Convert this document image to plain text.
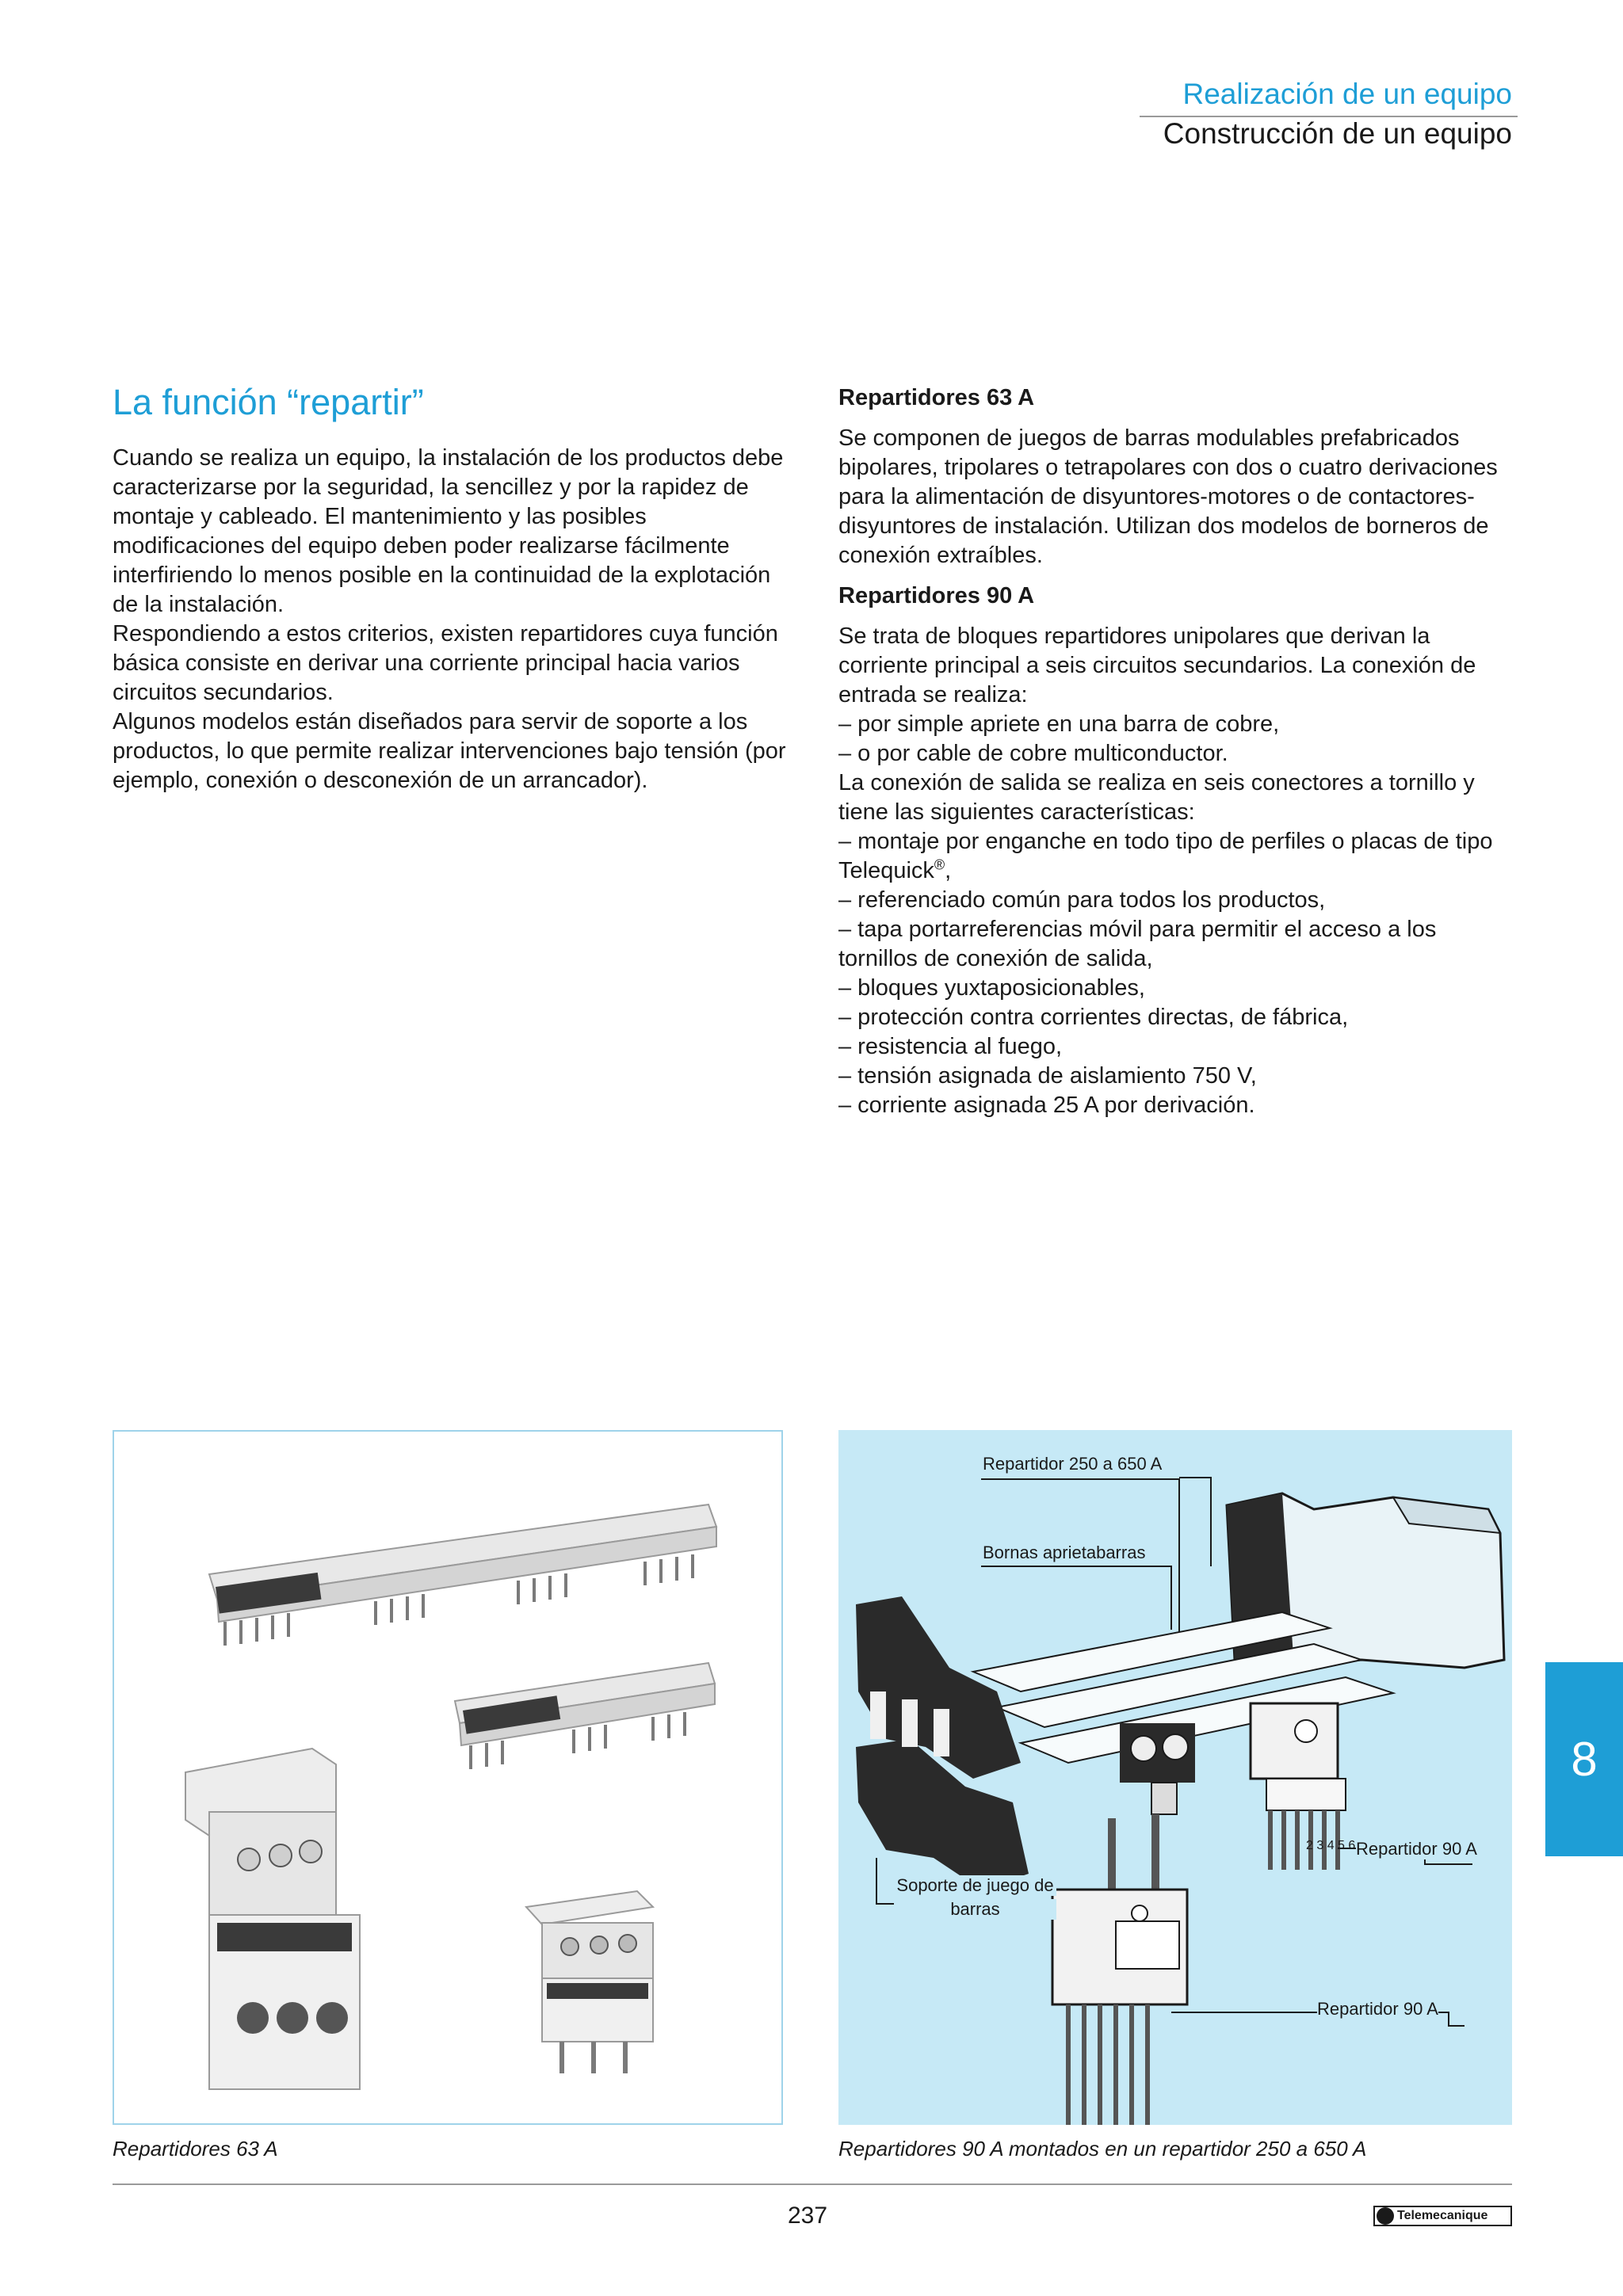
Realización de un equipo
Construcción de un equipo
La función “repartir”

Cuando se realiza un equipo, la instalación de los productos debe caracterizarse por la seguridad, la sencillez y por la rapidez de montaje y cableado. El mantenimiento y las posibles modificaciones del equipo deben poder realizarse fácilmente interfiriendo lo menos posible en la continuidad de la explotación de la instalación.

Respondiendo a estos criterios, existen repartidores cuya función básica consiste en derivar una corriente principal hacia varios circuitos secundarios.

Algunos modelos están diseñados para servir de soporte a los productos, lo que permite realizar intervenciones bajo tensión (por ejemplo, conexión o desconexión de un arrancador).

Repartidores 63 A

Se componen de juegos de barras modulables prefabricados bipolares, tripolares o tetrapolares con dos o cuatro derivaciones para la alimentación de disyuntores-motores o de contactores-disyuntores de instalación. Utilizan dos modelos de borneros de conexión extraíbles.

Repartidores 90 A

Se trata de bloques repartidores unipolares que derivan la corriente principal a seis circuitos secundarios. La conexión de entrada se realiza:

– por simple apriete en una barra de cobre,

– o por cable de cobre multiconductor.

La conexión de salida se realiza en seis conectores a tornillo y tiene las siguientes características:

– montaje por enganche en todo tipo de perfiles o placas de tipo Telequick®,

– referenciado común para todos los productos,

– tapa portarreferencias móvil para permitir el acceso a los tornillos de conexión de salida,

– bloques yuxtaposicionables,

– protección contra corrientes directas, de fábrica,

– resistencia al fuego,

– tensión asignada de aislamiento 750 V,

– corriente asignada 25 A por derivación.

Repartidores 63 A
Repartidor 250 a 650 A
Bornas aprietabarras
2 3 4 5 6 Repartidor 90 A
Soporte de juego de
barras
Repartidor 90 A
Repartidores 90 A montados en un repartidor 250 a 650 A
8
237	Telemecanique
